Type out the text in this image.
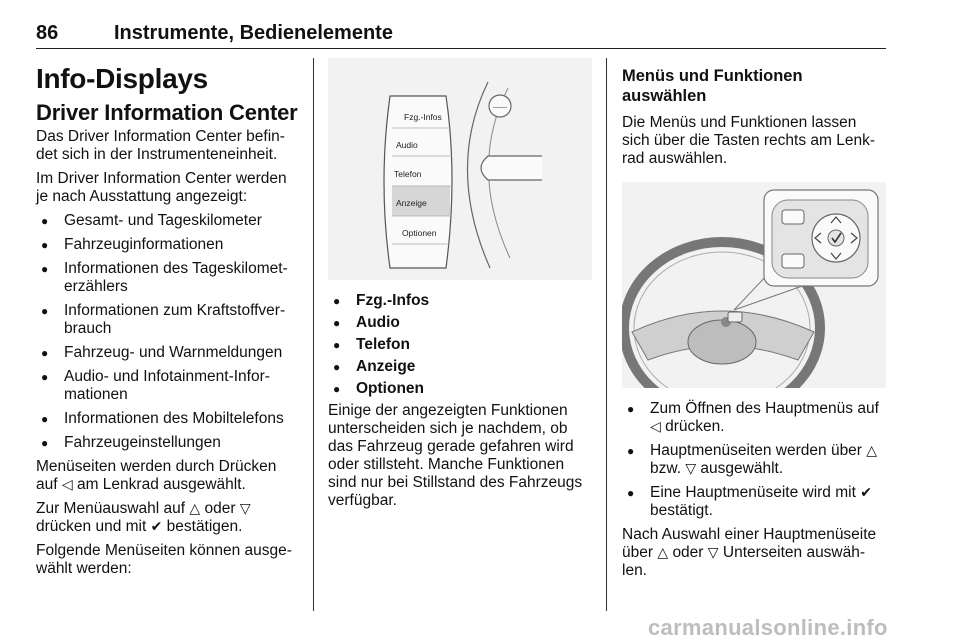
86	Instrumente, Bedienelemente
Info-Displays
Driver Information Center

Das Driver Information Center befin- det sich in der Instrumenteneinheit.

Im Driver Information Center werden je nach Ausstattung angezeigt:

● Gesamt- und Tageskilometer
● Fahrzeuginformationen
● Informationen des Tageskilomet- erzählers
● Informationen zum Kraftstoffver- brauch
● Fahrzeug- und Warnmeldungen
● Audio- und Infotainment-Infor- mationen
● Informationen des Mobiltelefons
● Fahrzeugeinstellungen

Menüseiten werden durch Drücken auf ◁ am Lenkrad ausgewählt.

Zur Menüauswahl auf △ oder ▽ drücken und mit ✔ bestätigen.

Folgende Menüseiten können ausge- wählt werden:

Fzg.-Infos
Audio
Telefon
Anzeige
Optionen
——
● Fzg.-Infos
● Audio
● Telefon
● Anzeige
● Optionen

Einige der angezeigten Funktionen unterscheiden sich je nachdem, ob das Fahrzeug gerade gefahren wird oder stillsteht. Manche Funktionen sind nur bei Stillstand des Fahrzeugs verfügbar.

Menüs und Funktionen auswählen

Die Menüs und Funktionen lassen sich über die Tasten rechts am Lenk- rad auswählen.

● Zum Öffnen des Hauptmenüs auf ◁ drücken.
● Hauptmenüseiten werden über △ bzw. ▽ ausgewählt.
● Eine Hauptmenüseite wird mit ✔ bestätigt.

Nach Auswahl einer Hauptmenüseite über △ oder ▽ Unterseiten auswäh- len.

carmanualsonline.info
